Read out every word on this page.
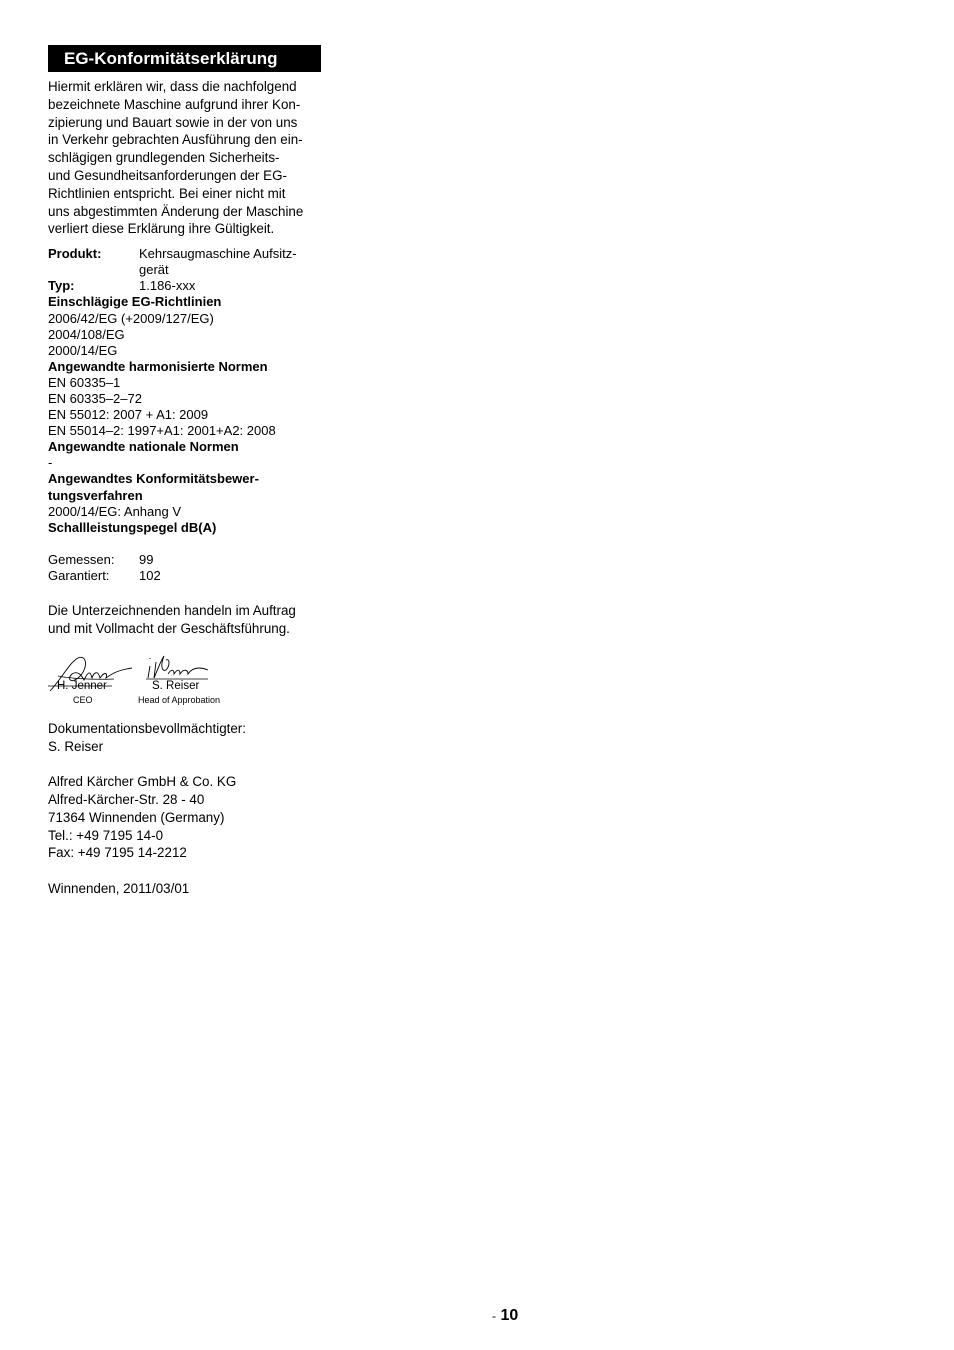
EG-Konformitätserklärung
Hiermit erklären wir, dass die nachfolgend
bezeichnete Maschine aufgrund ihrer Kon-
zipierung und Bauart sowie in der von uns
in Verkehr gebrachten Ausführung den ein-
schlägigen grundlegenden Sicherheits-
und Gesundheitsanforderungen der EG-
Richtlinien entspricht. Bei einer nicht mit
uns abgestimmten Änderung der Maschine
verliert diese Erklärung ihre Gültigkeit.
Produkt:	Kehrsaugmaschine Aufsitz-
gerät
Typ:	1.186-xxx
Einschlägige EG-Richtlinien
2006/42/EG (+2009/127/EG)
2004/108/EG
2000/14/EG
Angewandte harmonisierte Normen
EN 60335–1
EN 60335–2–72
EN 55012: 2007 + A1: 2009
EN 55014–2: 1997+A1: 2001+A2: 2008
Angewandte nationale Normen
-
Angewandtes Konformitätsbewer-
tungsverfahren
2000/14/EG: Anhang V
Schallleistungspegel dB(A)
Gemessen:	99
Garantiert:	102
Die Unterzeichnenden handeln im Auftrag
und mit Vollmacht der Geschäftsführung.
H. Jenner
CEO
S. Reiser
Head of Approbation
Dokumentationsbevollmächtigter:
S. Reiser
Alfred Kärcher GmbH & Co. KG
Alfred-Kärcher-Str. 28 - 40
71364 Winnenden (Germany)
Tel.: +49 7195 14-0
Fax: +49 7195 14-2212
Winnenden, 2011/03/01
- 10
